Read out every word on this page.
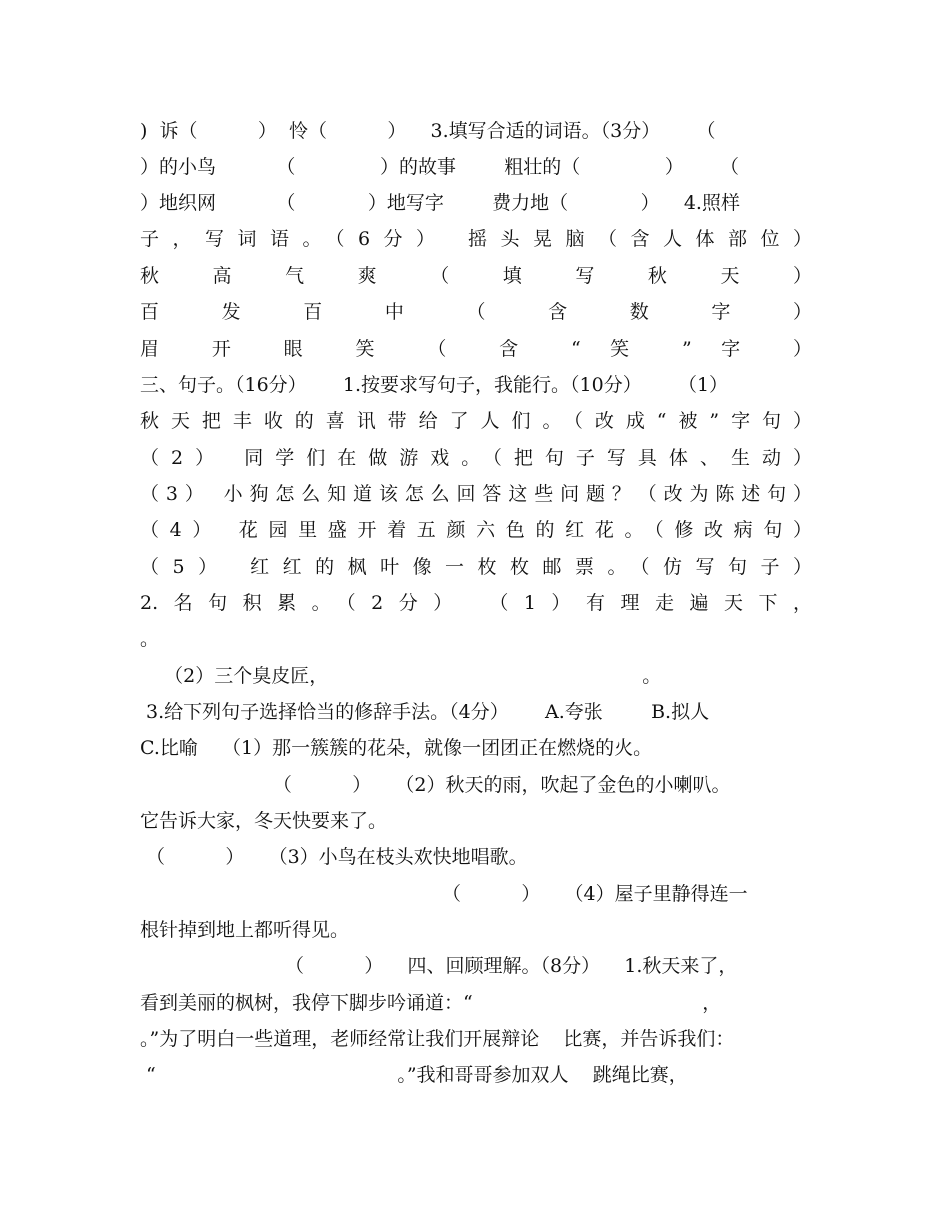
)  诉（          ）  怜（          ）    3.填写合适的词语。（3分）      （
）的小鸟          （              ）的故事        粗壮的（              ）      （
）地织网          （            ）地写字        费力地（            ）    4.照样
子，写词语。（6分） 摇头晃脑（含人体部位）
秋 高 气 爽 （ 填 写 秋 天 ）
百 发 百 中 （ 含 数 字 ）
眉 开 眼 笑 （ 含 “ 笑 ” 字 ）
三、句子。（16分）      1.按要求写句子，我能行。（10分）      （1）
秋天把丰收的喜讯带给了人们。（改成“被”字句）
（2） 同学们在做游戏。（把句子写具体、生动）
（3） 小狗怎么知道该怎么回答这些问题？（改为陈述句）
（4） 花园里盛开着五颜六色的红花。（修改病句）
（5） 红红的枫叶像一枚枚邮票。（仿写句子）
2.名句积累。（2分） （1）有理走遍天下，
。
（2）三个臭皮匠，                                                    。
3.给下列句子选择恰当的修辞手法。（4分）      A.夸张        B.拟人
C.比喻    （1）那一簇簇的花朵，就像一团团正在燃烧的火。
（          ）    （2）秋天的雨，吹起了金色的小喇叭。
它告诉大家，冬天快要来了。
（          ）    （3）小鸟在枝头欢快地唱歌。
（          ）    （4）屋子里静得连一
根针掉到地上都听得见。
（          ）    四、回顾理解。（8分）    1.秋天来了，
看到美丽的枫树，我停下脚步吟诵道：“                                      ，
。”为了明白一些道理，老师经常让我们开展辩论    比赛，并告诉我们：
“                                        。”我和哥哥参加双人    跳绳比赛，
